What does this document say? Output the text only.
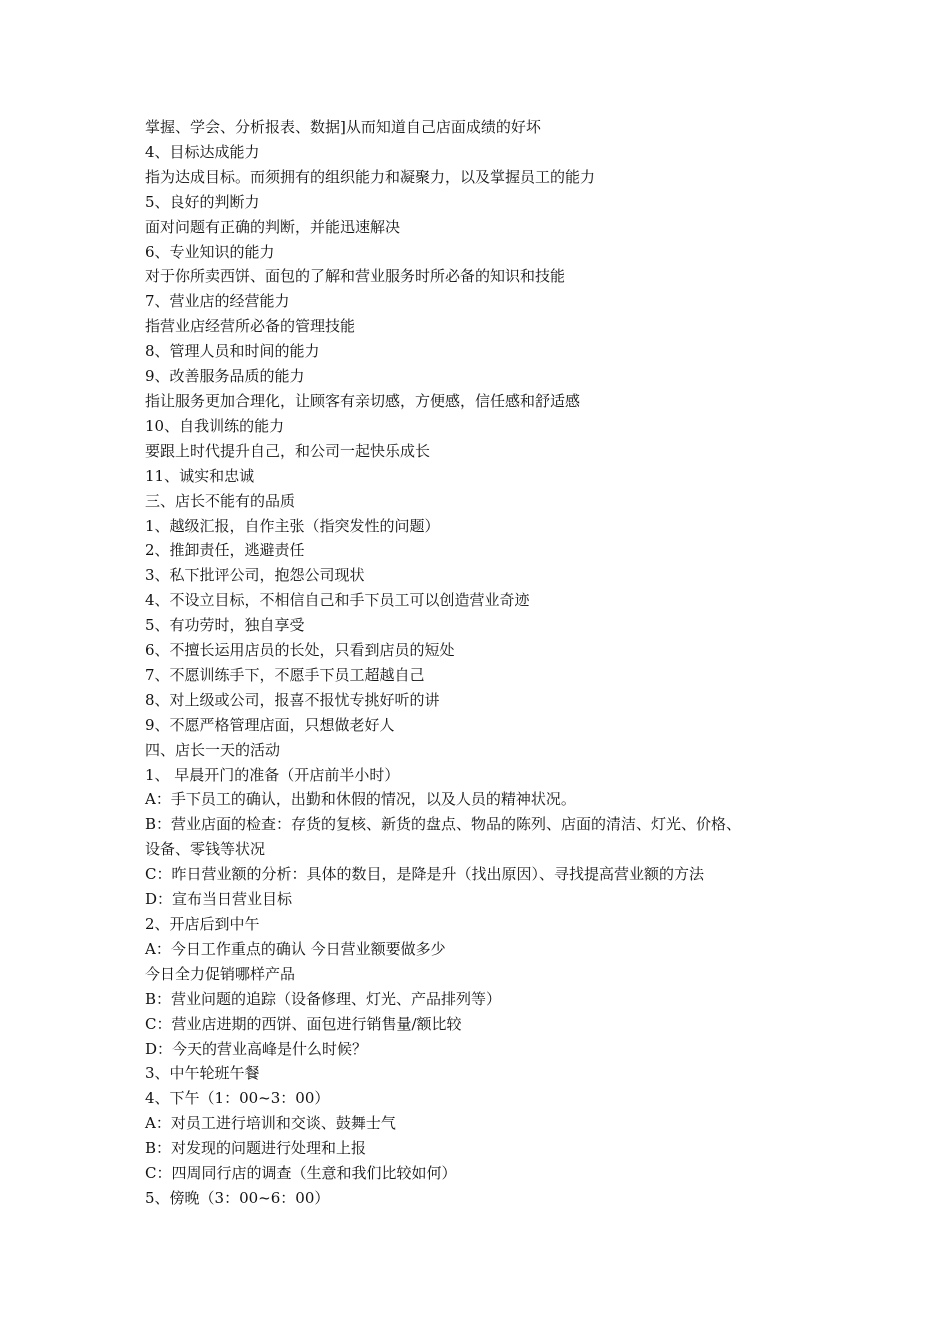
掌握、学会、分析报表、数据]从而知道自己店面成绩的好坏
4、目标达成能力
指为达成目标。而须拥有的组织能力和凝聚力，以及掌握员工的能力
5、良好的判断力
面对问题有正确的判断，并能迅速解决
6、专业知识的能力
对于你所卖西饼、面包的了解和营业服务时所必备的知识和技能
7、营业店的经营能力
指营业店经营所必备的管理技能
8、管理人员和时间的能力
9、改善服务品质的能力
指让服务更加合理化，让顾客有亲切感，方便感，信任感和舒适感
10、自我训练的能力
要跟上时代提升自己，和公司一起快乐成长
11、诚实和忠诚
三、店长不能有的品质
1、越级汇报，自作主张（指突发性的问题）
2、推卸责任，逃避责任
3、私下批评公司，抱怨公司现状
4、不设立目标，不相信自己和手下员工可以创造营业奇迹
5、有功劳时，独自享受
6、不擅长运用店员的长处，只看到店员的短处
7、不愿训练手下，不愿手下员工超越自己
8、对上级或公司，报喜不报忧专挑好听的讲
9、不愿严格管理店面，只想做老好人
四、店长一天的活动
1、 早晨开门的准备（开店前半小时）
A：手下员工的确认，出勤和休假的情况，以及人员的精神状况。
B：营业店面的检查：存货的复核、新货的盘点、物品的陈列、店面的清洁、灯光、价格、
设备、零钱等状况
C：昨日营业额的分析：具体的数目，是降是升（找出原因）、寻找提高营业额的方法
D：宣布当日营业目标
2、开店后到中午
A：今日工作重点的确认 今日营业额要做多少
今日全力促销哪样产品
B：营业问题的追踪（设备修理、灯光、产品排列等）
C：营业店进期的西饼、面包进行销售量/额比较
D：今天的营业高峰是什么时候？
3、中午轮班午餐
4、下午（1：00~3：00）
A：对员工进行培训和交谈、鼓舞士气
B：对发现的问题进行处理和上报
C：四周同行店的调查（生意和我们比较如何）
5、傍晚（3：00~6：00）
